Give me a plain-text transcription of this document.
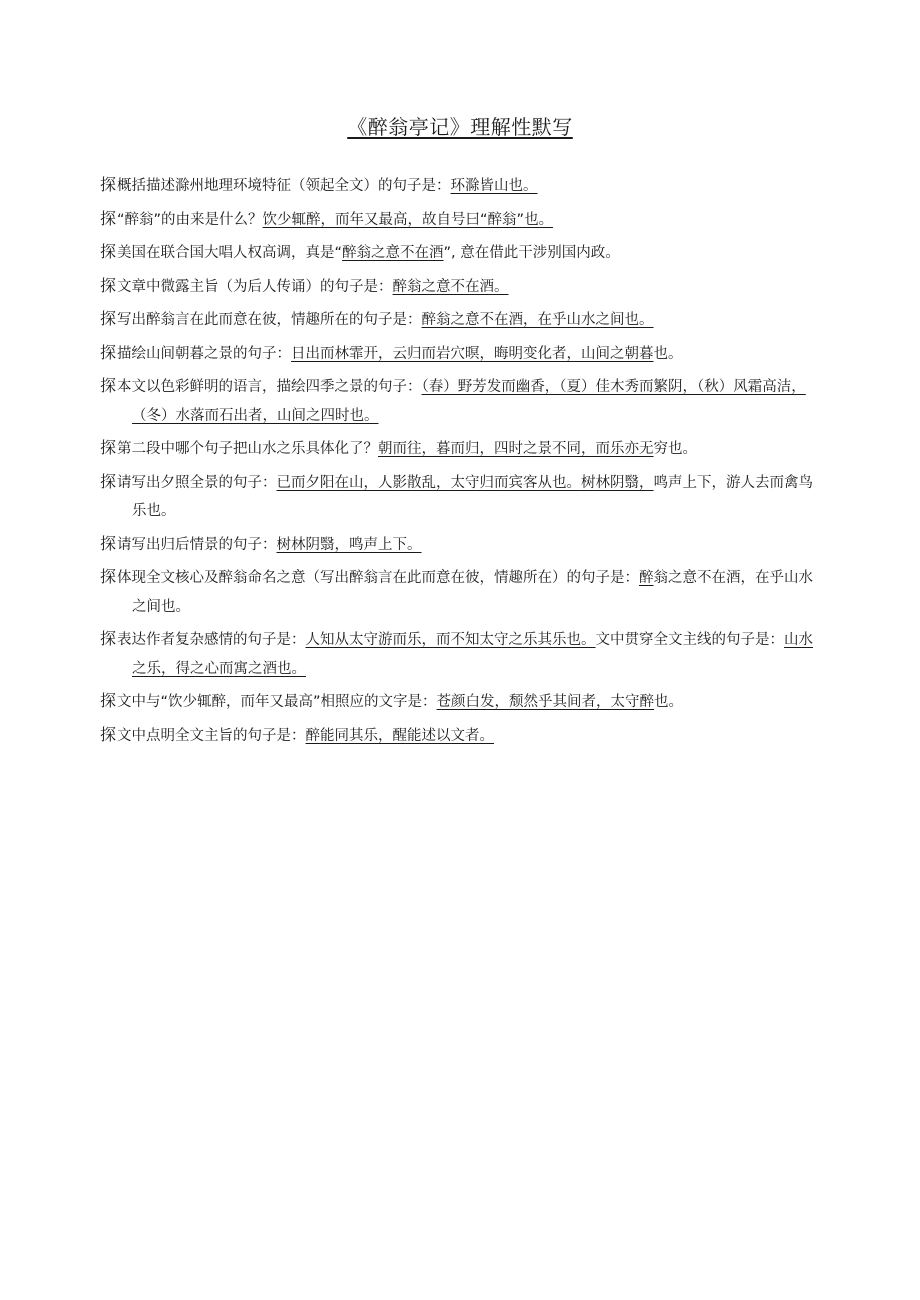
《醉翁亭记》理解性默写

探概括描述滁州地理环境特征（领起全文）的句子是：环滁皆山也。

探“醉翁”的由来是什么？饮少辄醉，而年又最高，故自号曰“醉翁”也。

探美国在联合国大唱人权高调，真是“醉翁之意不在酒”, 意在借此干涉别国内政。

探文章中微露主旨（为后人传诵）的句子是：醉翁之意不在酒。

探写出醉翁言在此而意在彼，情趣所在的句子是：醉翁之意不在酒，在乎山水之间也。

探描绘山间朝暮之景的句子：日出而林霏开，云归而岩穴暝，晦明变化者，山间之朝暮也。

探本文以色彩鲜明的语言，描绘四季之景的句子：（春）野芳发而幽香，（夏）佳木秀而繁阴，（秋）风霜高洁，（冬）水落而石出者，山间之四时也。

探第二段中哪个句子把山水之乐具体化了？朝而往，暮而归，四时之景不同，而乐亦无穷也。

探请写出夕照全景的句子：已而夕阳在山，人影散乱，太守归而宾客从也。树林阴翳，鸣声上下，游人去而禽鸟乐也。

探请写出归后情景的句子：树林阴翳，鸣声上下。

探体现全文核心及醉翁命名之意（写出醉翁言在此而意在彼，情趣所在）的句子是：醉翁之意不在酒，在乎山水之间也。

探表达作者复杂感情的句子是：人知从太守游而乐，而不知太守之乐其乐也。文中贯穿全文主线的句子是：山水之乐，得之心而寓之酒也。

探文中与“饮少辄醉，而年又最高”相照应的文字是：苍颜白发，颓然乎其间者，太守醉也。

探文中点明全文主旨的句子是：醉能同其乐，醒能述以文者。
